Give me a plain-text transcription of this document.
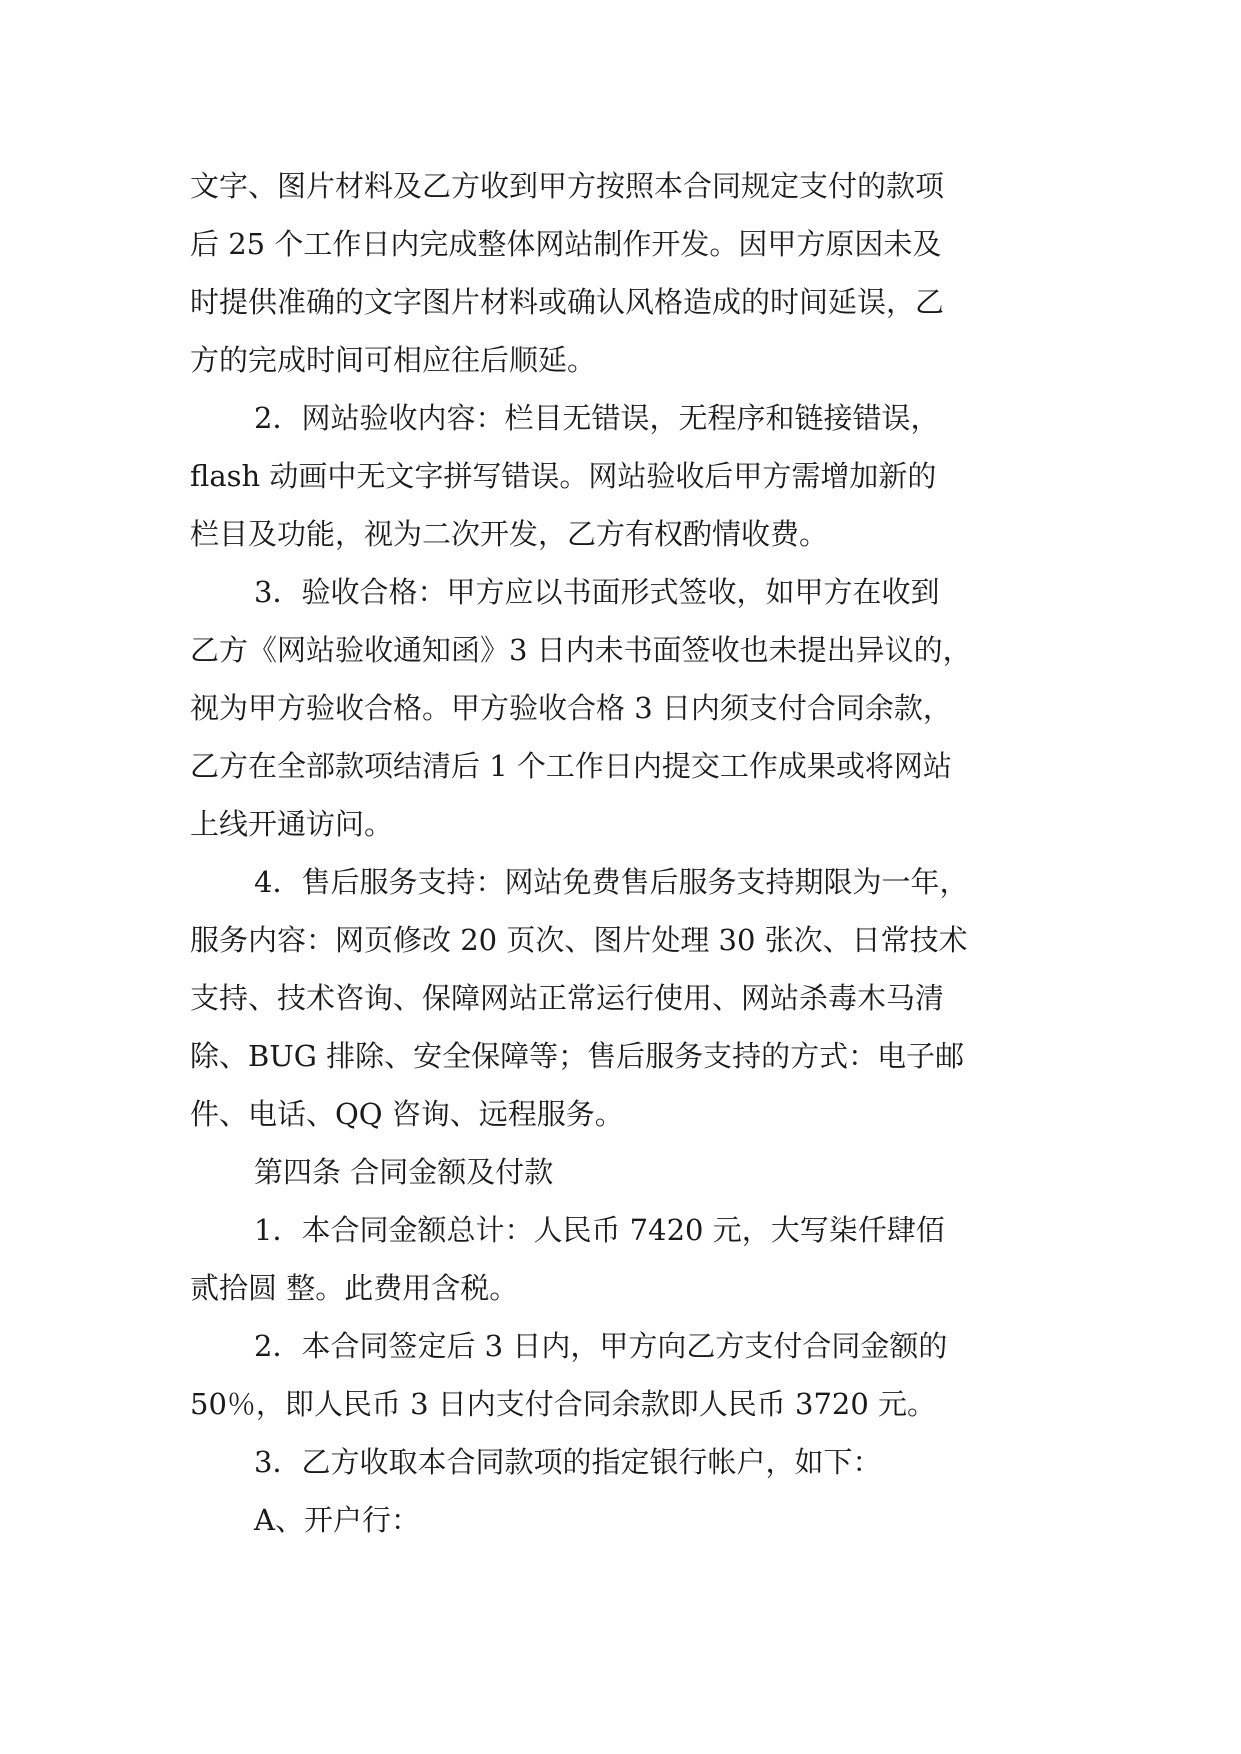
文字、图片材料及乙方收到甲方按照本合同规定支付的款项
后 25 个工作日内完成整体网站制作开发。因甲方原因未及
时提供准确的文字图片材料或确认风格造成的时间延误，乙
方的完成时间可相应往后顺延。
2．网站验收内容：栏目无错误，无程序和链接错误，
flash 动画中无文字拼写错误。网站验收后甲方需增加新的
栏目及功能，视为二次开发，乙方有权酌情收费。
3．验收合格：甲方应以书面形式签收，如甲方在收到
乙方《网站验收通知函》3 日内未书面签收也未提出异议的，
视为甲方验收合格。甲方验收合格 3 日内须支付合同余款，
乙方在全部款项结清后 1 个工作日内提交工作成果或将网站
上线开通访问。
4．售后服务支持：网站免费售后服务支持期限为一年，
服务内容：网页修改 20 页次、图片处理 30 张次、日常技术
支持、技术咨询、保障网站正常运行使用、网站杀毒木马清
除、BUG 排除、安全保障等；售后服务支持的方式：电子邮
件、电话、QQ 咨询、远程服务。
第四条 合同金额及付款
1．本合同金额总计：人民币 7420 元，大写柒仟肆佰
贰拾圆 整。此费用含税。
2．本合同签定后 3 日内，甲方向乙方支付合同金额的
50％，即人民币 3 日内支付合同余款即人民币 3720 元。
3．乙方收取本合同款项的指定银行帐户，如下：
A、开户行：
